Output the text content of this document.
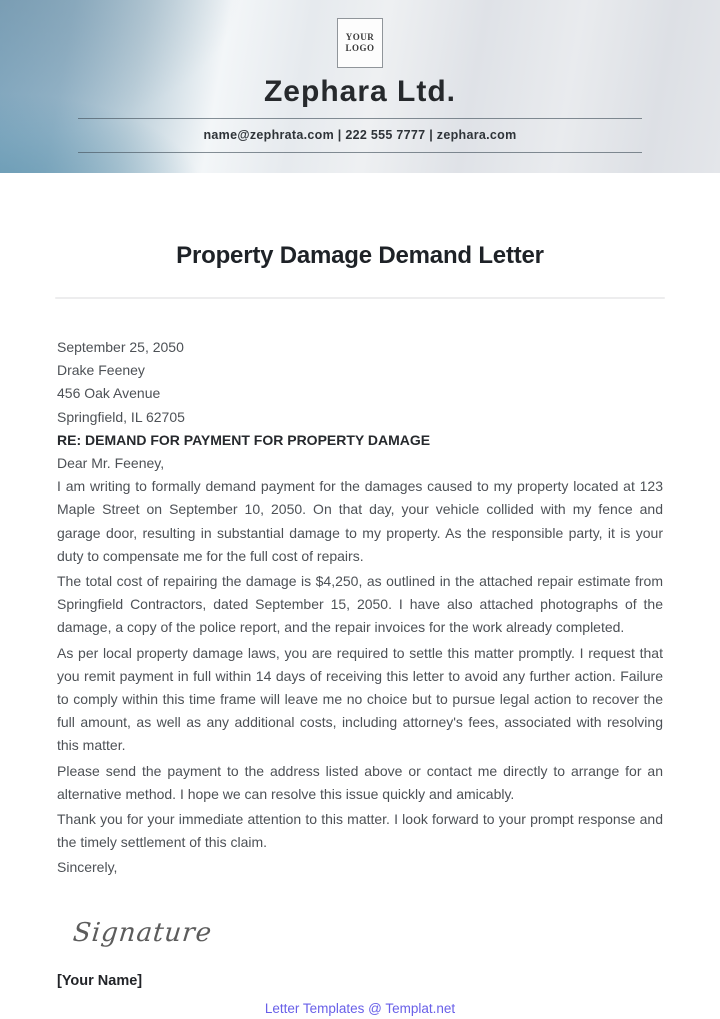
YOUR
LOGO
Zephara Ltd.
name@zephrata.com | 222 555 7777 | zephara.com
Property Damage Demand Letter
September 25, 2050
Drake Feeney
456 Oak Avenue
Springfield, IL 62705
RE: DEMAND FOR PAYMENT FOR PROPERTY DAMAGE
Dear Mr. Feeney,

I am writing to formally demand payment for the damages caused to my property located at 123 Maple Street on September 10, 2050. On that day, your vehicle collided with my fence and garage door, resulting in substantial damage to my property. As the responsible party, it is your duty to compensate me for the full cost of repairs.

The total cost of repairing the damage is $4,250, as outlined in the attached repair estimate from Springfield Contractors, dated September 15, 2050. I have also attached photographs of the damage, a copy of the police report, and the repair invoices for the work already completed.

As per local property damage laws, you are required to settle this matter promptly. I request that you remit payment in full within 14 days of receiving this letter to avoid any further action. Failure to comply within this time frame will leave me no choice but to pursue legal action to recover the full amount, as well as any additional costs, including attorney's fees, associated with resolving this matter.

Please send the payment to the address listed above or contact me directly to arrange for an alternative method. I hope we can resolve this issue quickly and amicably.

Thank you for your immediate attention to this matter. I look forward to your prompt response and the timely settlement of this claim.

Sincerely,
Signature
[Your Name]
Letter Templates @ Templat.net
